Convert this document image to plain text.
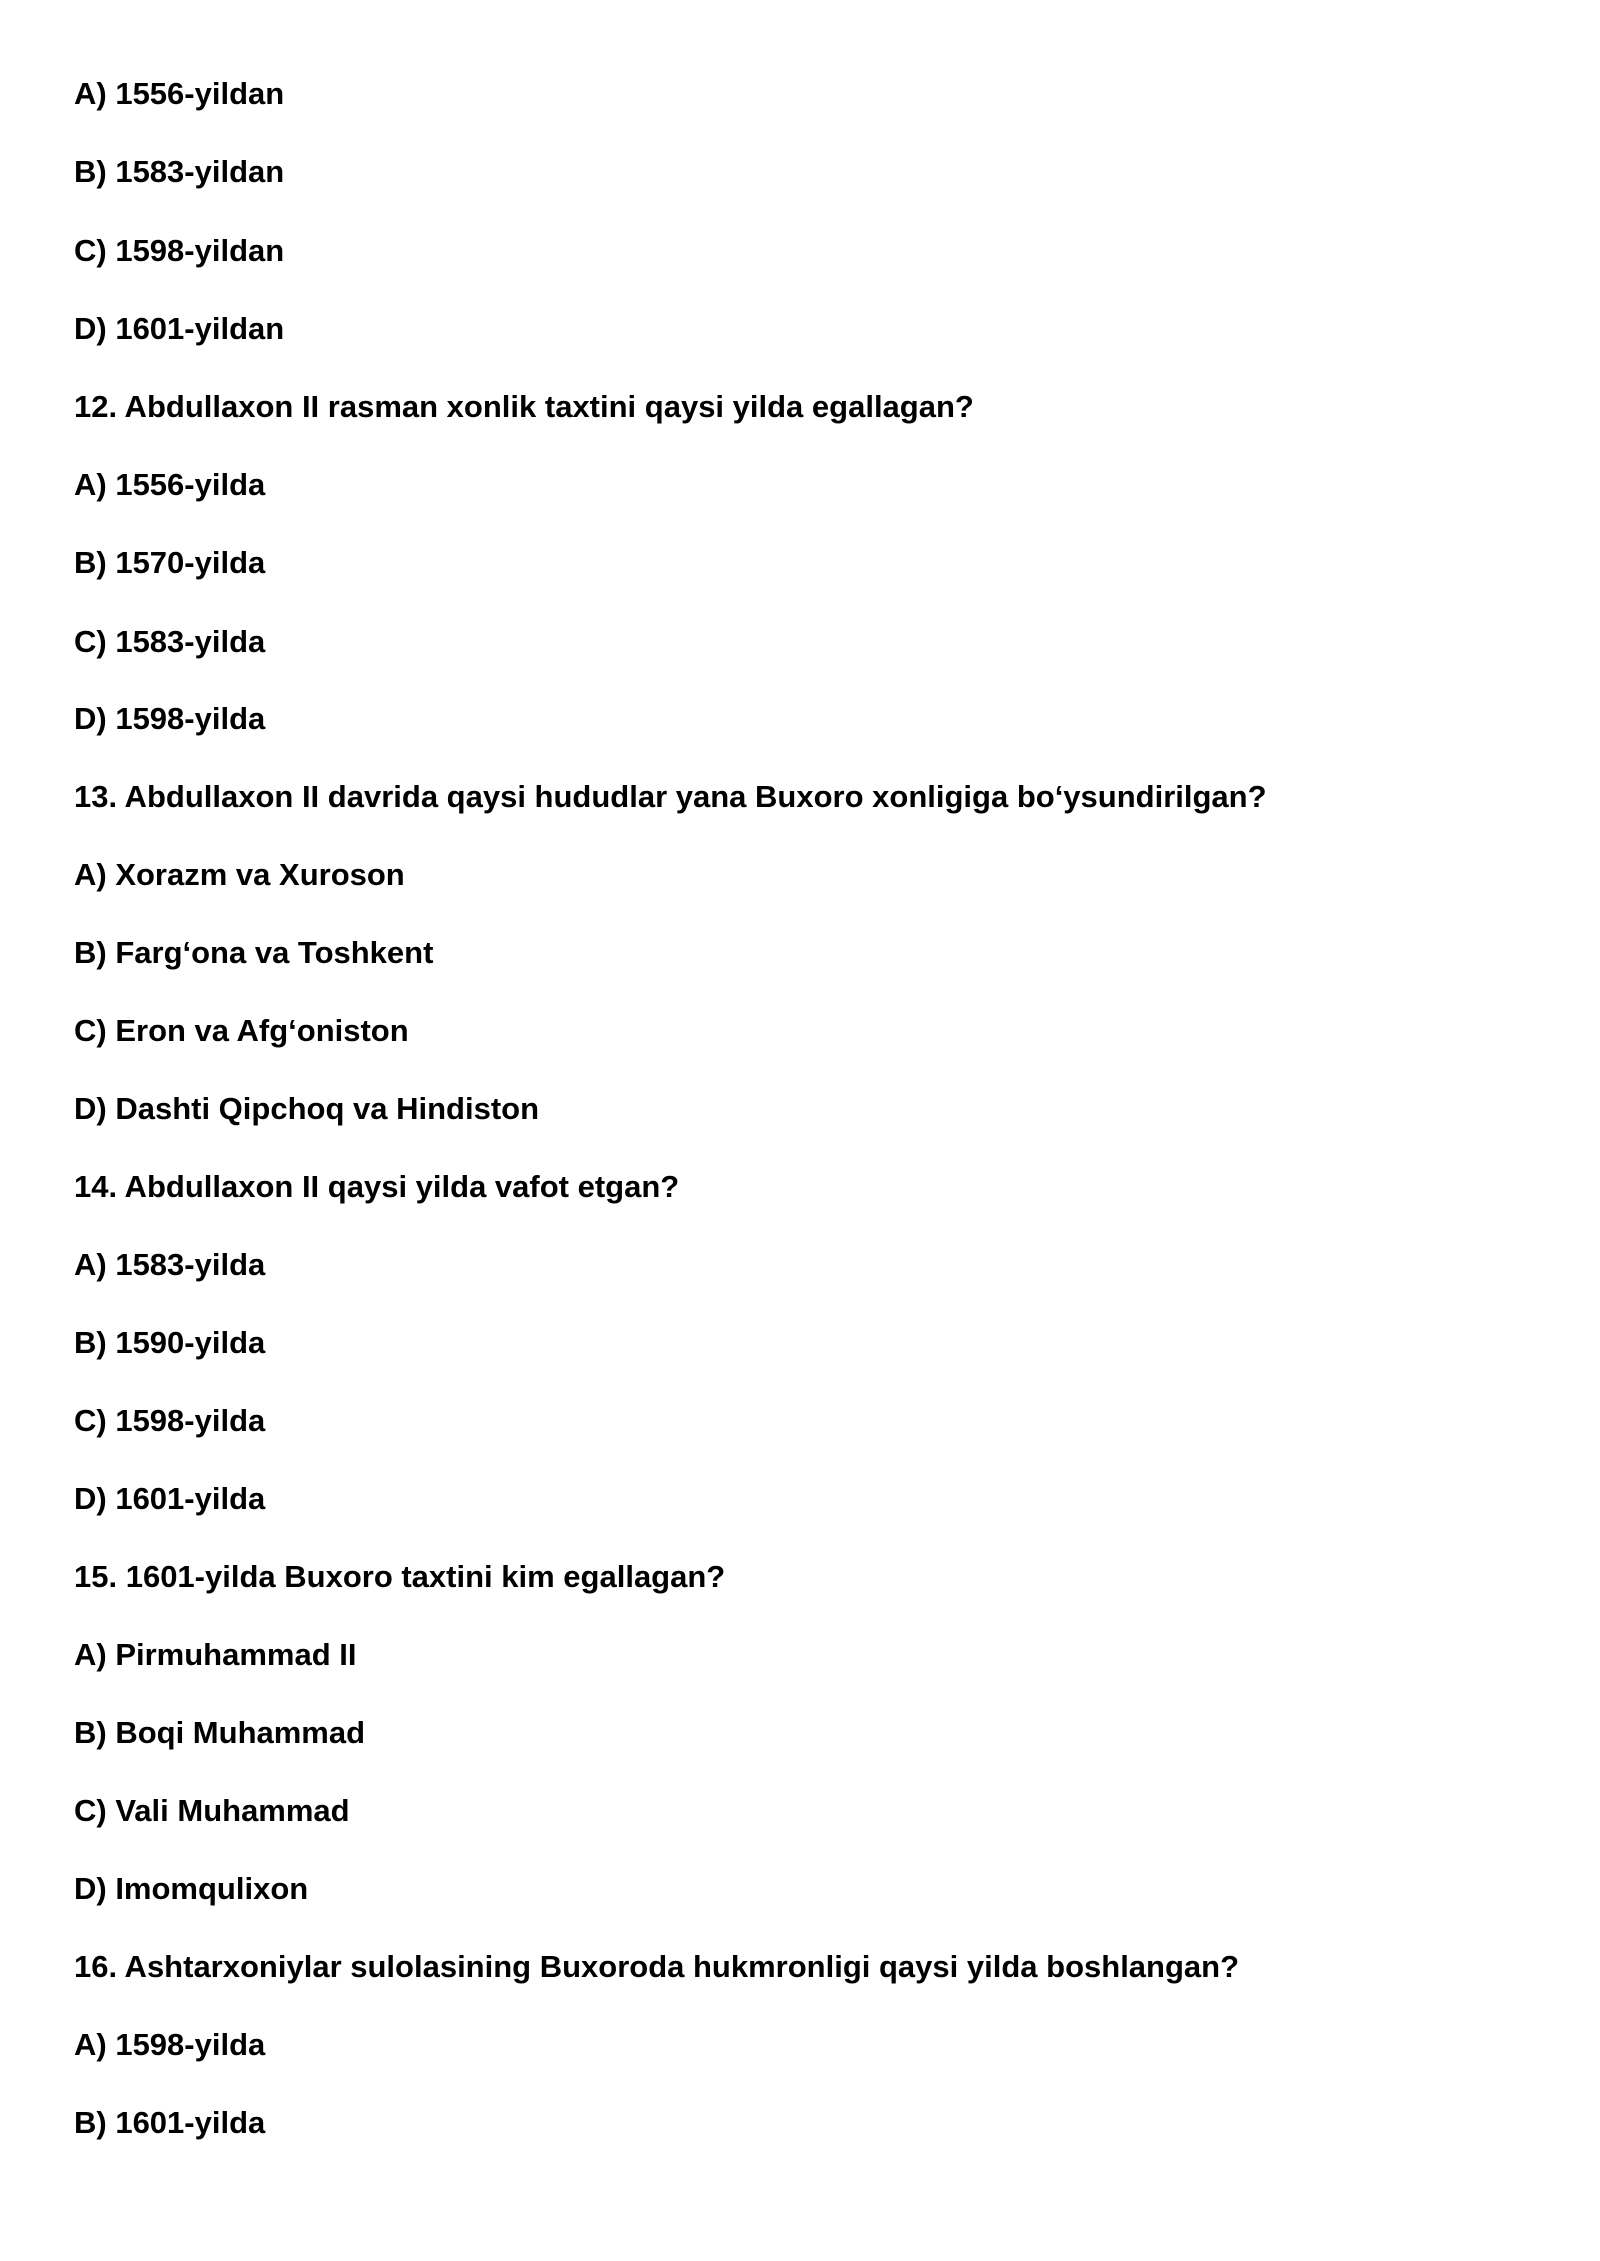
A) 1556-yildan
B) 1583-yildan
C) 1598-yildan
D) 1601-yildan
12. Abdullaxon II rasman xonlik taxtini qaysi yilda egallagan?
A) 1556-yilda
B) 1570-yilda
C) 1583-yilda
D) 1598-yilda
13. Abdullaxon II davrida qaysi hududlar yana Buxoro xonligiga bo‘ysundirilgan?
A) Xorazm va Xuroson
B) Farg‘ona va Toshkent
C) Eron va Afg‘oniston
D) Dashti Qipchoq va Hindiston
14. Abdullaxon II qaysi yilda vafot etgan?
A) 1583-yilda
B) 1590-yilda
C) 1598-yilda
D) 1601-yilda
15. 1601-yilda Buxoro taxtini kim egallagan?
A) Pirmuhammad II
B) Boqi Muhammad
C) Vali Muhammad
D) Imomqulixon
16. Ashtarxoniylar sulolasining Buxoroda hukmronligi qaysi yilda boshlangan?
A) 1598-yilda
B) 1601-yilda
